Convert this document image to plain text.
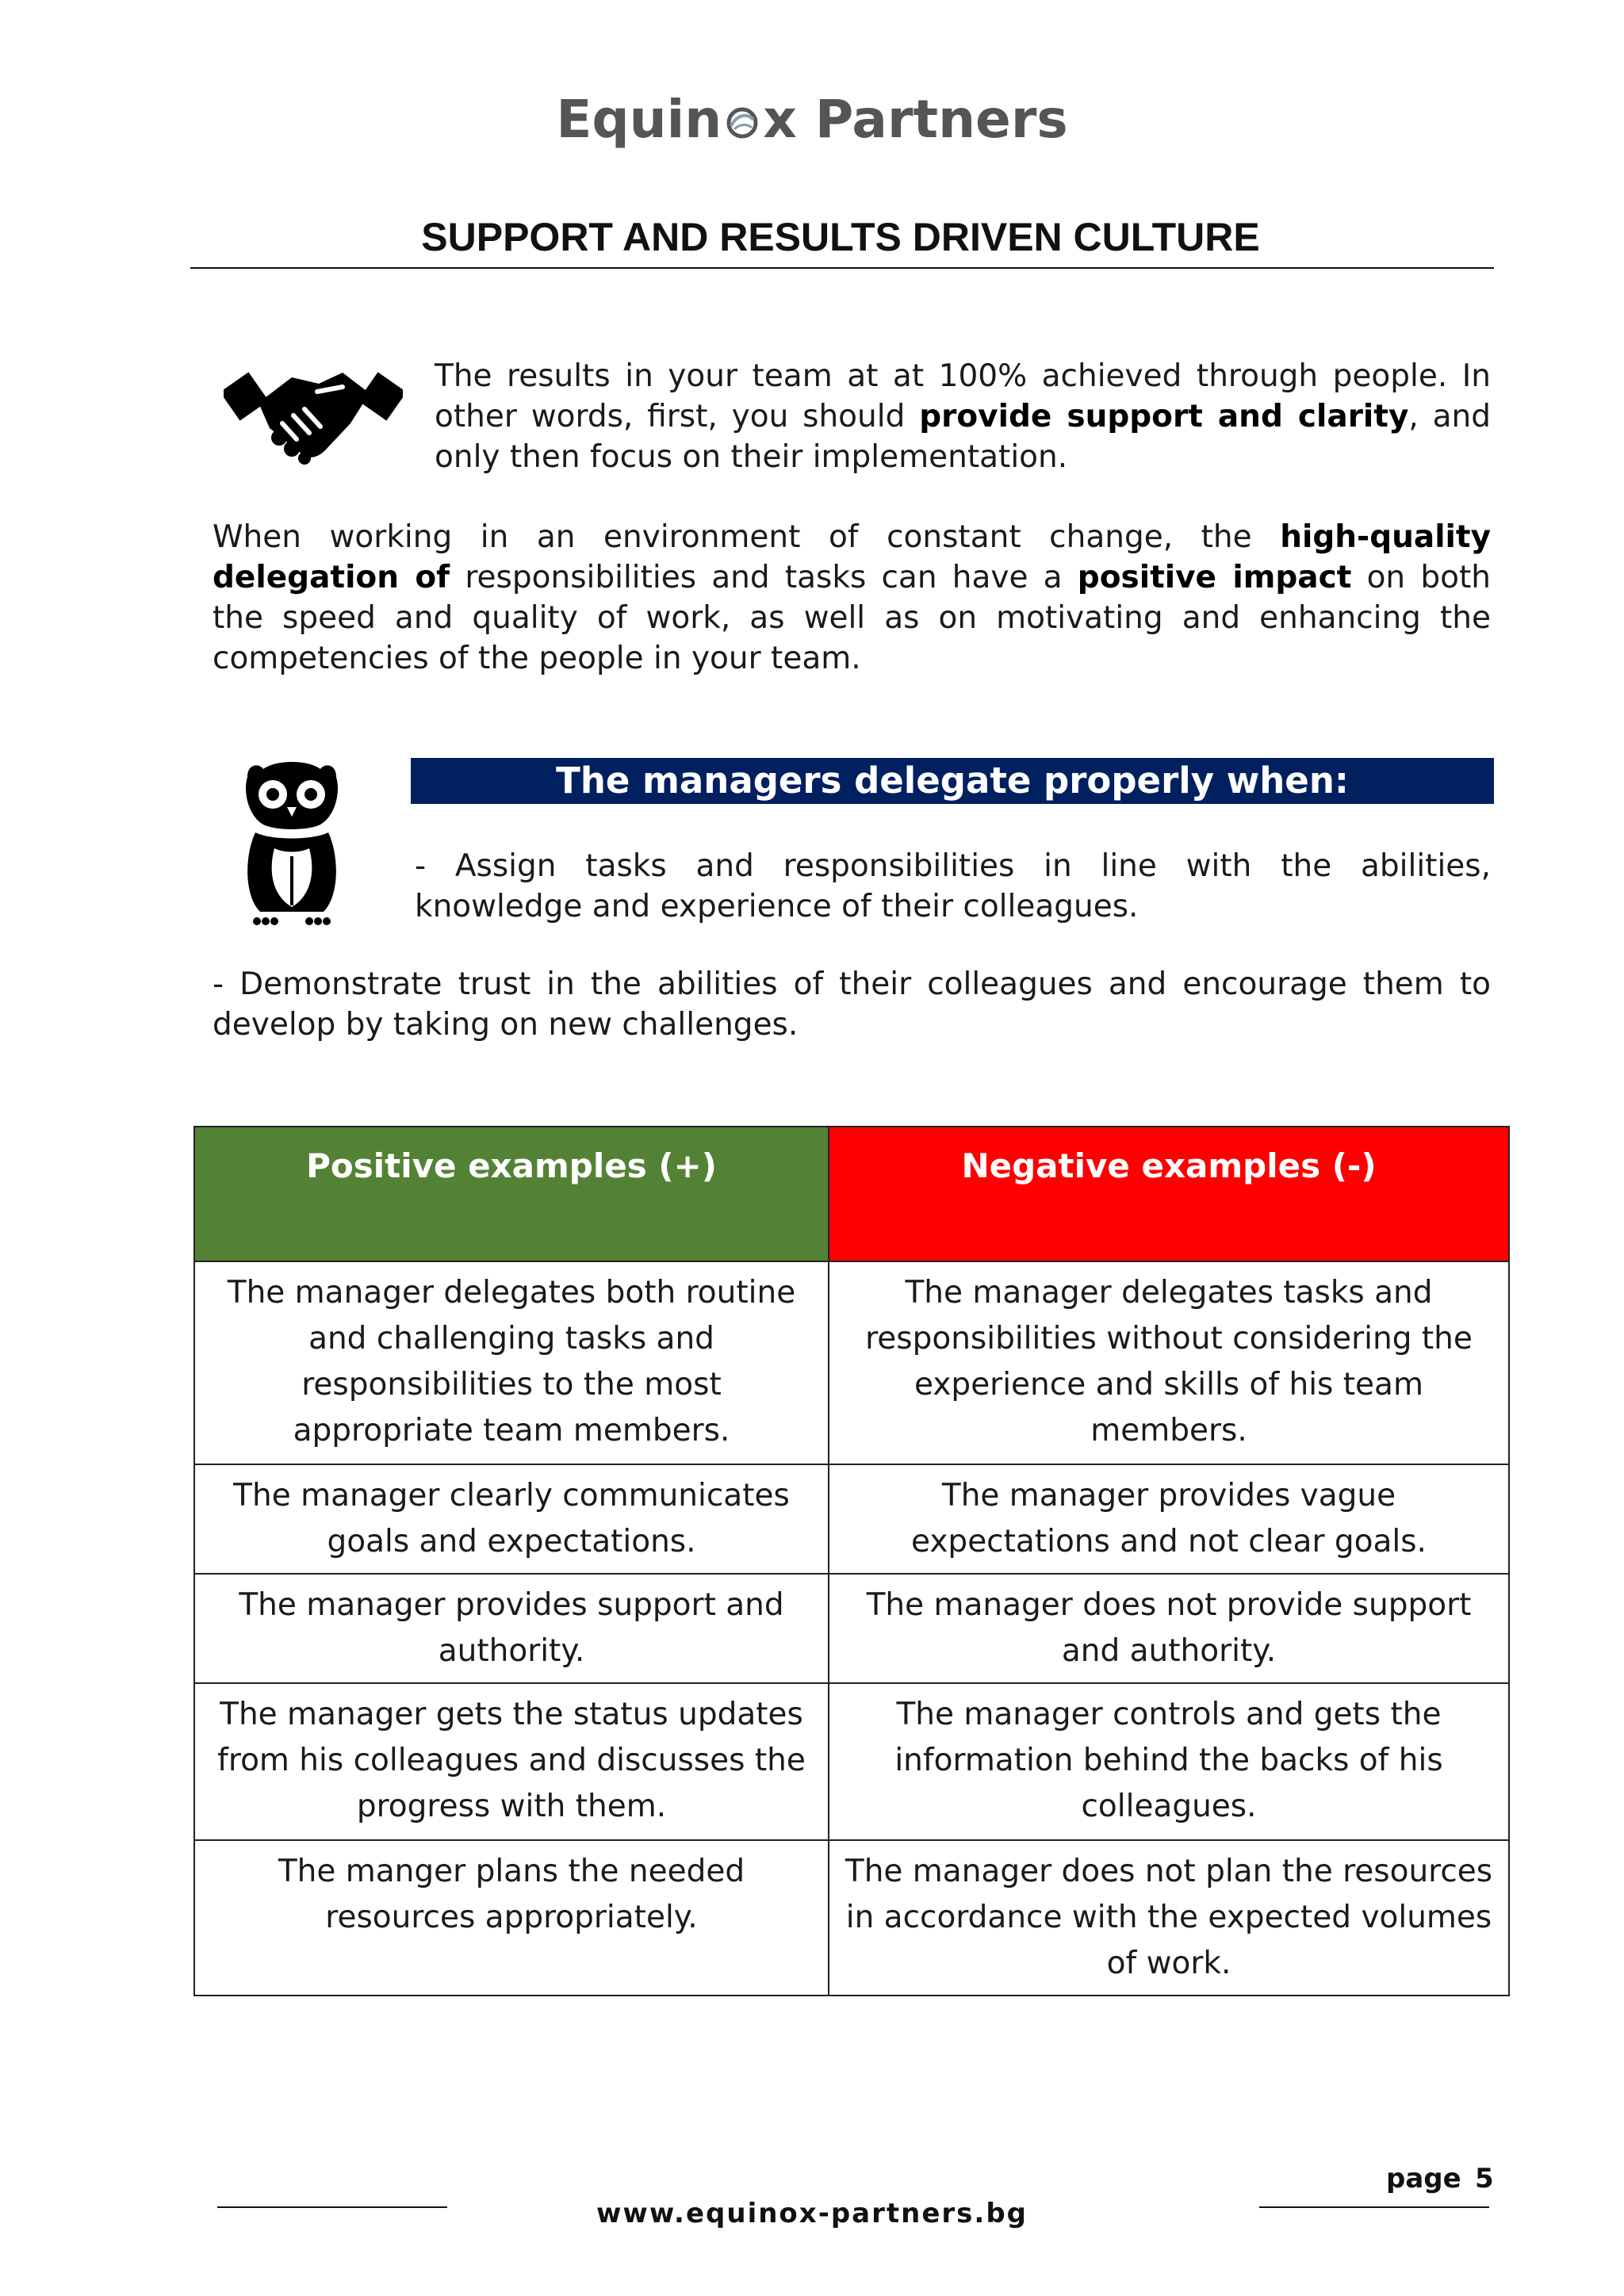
Equin x Partners
SUPPORT AND RESULTS DRIVEN CULTURE
The results in your team at at 100% achieved through people. In other words, first, you should provide support and clarity, and only then focus on their implementation.
When working in an environment of constant change, the high-quality delegation of responsibilities and tasks can have a positive impact on both the speed and quality of work, as well as on motivating and enhancing the competencies of the people in your team.
The managers delegate properly when:
- Assign tasks and responsibilities in line with the abilities, knowledge and experience of their colleagues.
- Demonstrate trust in the abilities of their colleagues and encourage them to develop by taking on new challenges.
Positive examples (+)	Negative examples (-)
The manager delegates both routine and challenging tasks and responsibilities to the most appropriate team members.	The manager delegates tasks and responsibilities without considering the experience and skills of his team members.
The manager clearly communicates goals and expectations.	The manager provides vague expectations and not clear goals.
The manager provides support and authority.	The manager does not provide support and authority.
The manager gets the status updates from his colleagues and discusses the progress with them.	The manager controls and gets the information behind the backs of his colleagues.
The manger plans the needed resources appropriately.	The manager does not plan the resources in accordance with the expected volumes of work.
page 5
www.equinox-partners.bg
